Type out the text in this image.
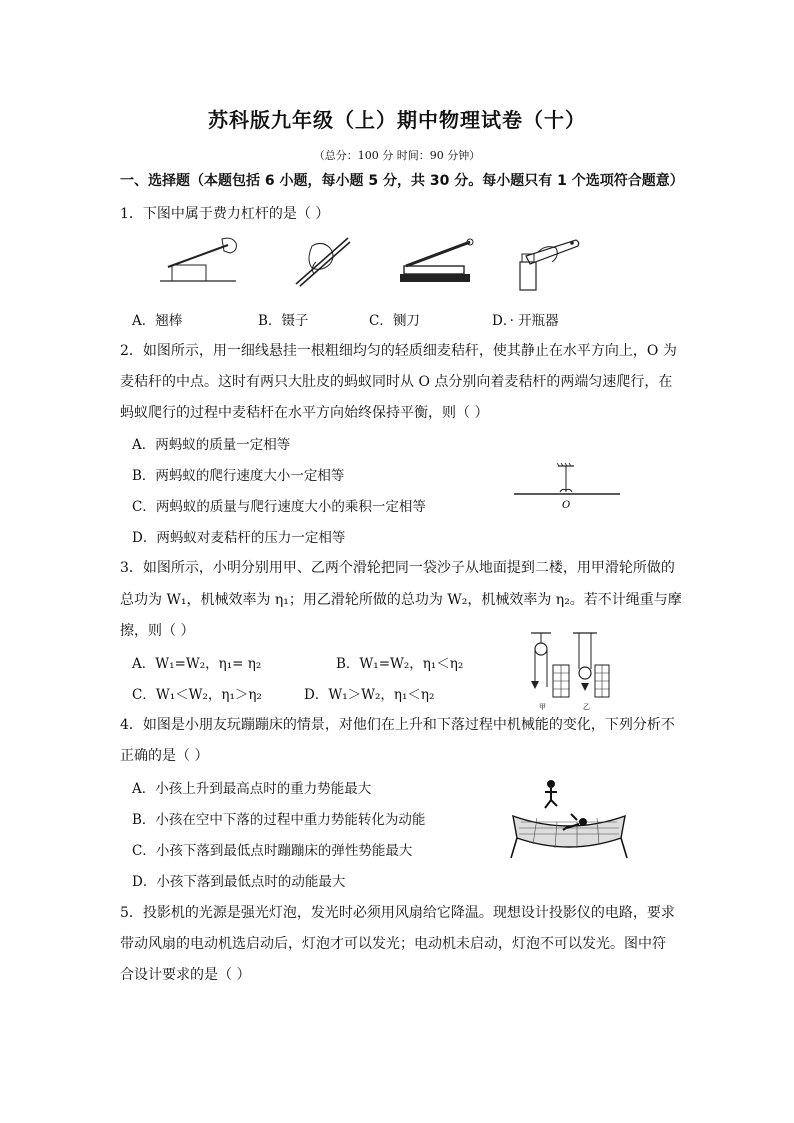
苏科版九年级（上）期中物理试卷（十）
（总分：100 分 时间：90 分钟）
一、选择题（本题包括 6 小题，每小题 5 分，共 30 分。每小题只有 1 个选项符合题意）
1．下图中属于费力杠杆的是（ ）
A．翘棒	B．镊子	C．铡刀	D．· 开瓶器
2．如图所示，用一细线悬挂一根粗细均匀的轻质细麦秸秆，使其静止在水平方向上，O 为
麦秸秆的中点。这时有两只大肚皮的蚂蚁同时从 O 点分别向着麦秸杆的两端匀速爬行，在
蚂蚁爬行的过程中麦秸杆在水平方向始终保持平衡，则（ ）
A．两蚂蚁的质量一定相等
B．两蚂蚁的爬行速度大小一定相等
C．两蚂蚁的质量与爬行速度大小的乘积一定相等
D．两蚂蚁对麦秸杆的压力一定相等
O
3．如图所示，小明分别用甲、乙两个滑轮把同一袋沙子从地面提到二楼，用甲滑轮所做的
总功为 W₁，机械效率为 η₁；用乙滑轮所做的总功为 W₂，机械效率为 η₂。若不计绳重与摩
擦，则（ ）
A．W₁=W₂，η₁= η₂	B．W₁=W₂，η₁＜η₂
C．W₁＜W₂，η₁＞η₂	D．W₁＞W₂，η₁＜η₂
甲	乙
4．如图是小朋友玩蹦蹦床的情景，对他们在上升和下落过程中机械能的变化，下列分析不
正确的是（ ）
A．小孩上升到最高点时的重力势能最大
B．小孩在空中下落的过程中重力势能转化为动能
C．小孩下落到最低点时蹦蹦床的弹性势能最大
D．小孩下落到最低点时的动能最大
5．投影机的光源是强光灯泡，发光时必须用风扇给它降温。现想设计投影仪的电路，要求
带动风扇的电动机选启动后，灯泡才可以发光；电动机未启动，灯泡不可以发光。图中符
合设计要求的是（ ）
